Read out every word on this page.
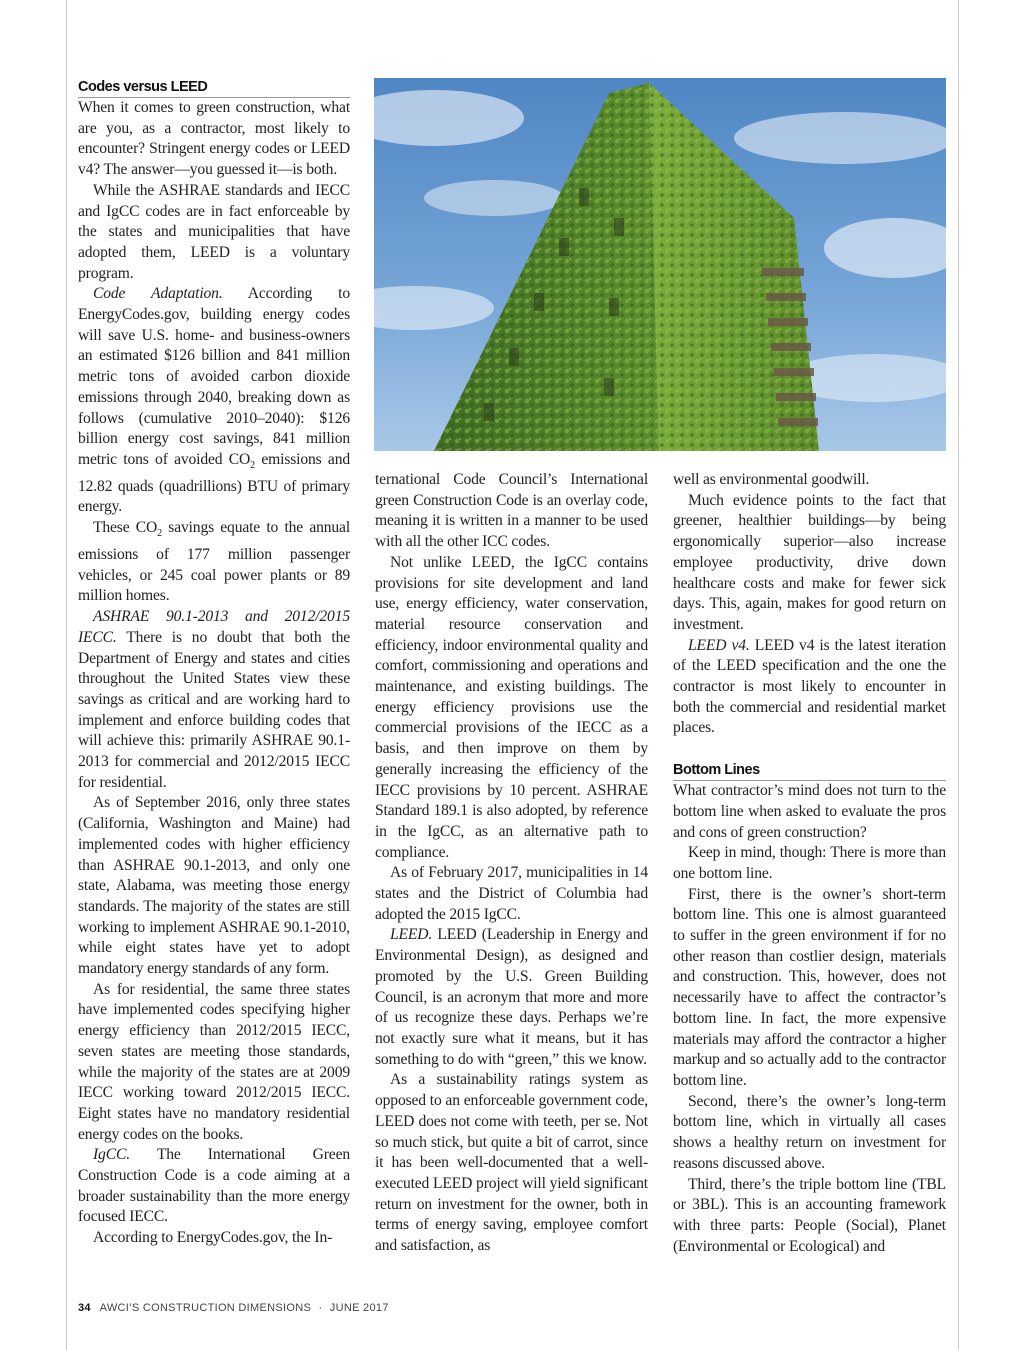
Codes versus LEED

When it comes to green construction, what are you, as a contractor, most likely to encounter? Stringent energy codes or LEED v4? The answer—you guessed it—is both.

While the ASHRAE standards and IECC and IgCC codes are in fact enforceable by the states and municipalities that have adopted them, LEED is a voluntary program.

Code Adaptation. According to EnergyCodes.gov, building energy codes will save U.S. home- and business-owners an estimated $126 billion and 841 million metric tons of avoided carbon dioxide emissions through 2040, breaking down as follows (cumulative 2010–2040): $126 billion energy cost savings, 841 million metric tons of avoided $CO_2$ emissions and 12.82 quads (quadrillions) BTU of primary energy.

These $CO_2$ savings equate to the annual emissions of 177 million passenger vehicles, or 245 coal power plants or 89 million homes.

ASHRAE 90.1-2013 and 2012/2015 IECC. There is no doubt that both the Department of Energy and states and cities throughout the United States view these savings as critical and are working hard to implement and enforce building codes that will achieve this: primarily ASHRAE 90.1-2013 for commercial and 2012/2015 IECC for residential.

As of September 2016, only three states (California, Washington and Maine) had implemented codes with higher efficiency than ASHRAE 90.1-2013, and only one state, Alabama, was meeting those energy standards. The majority of the states are still working to implement ASHRAE 90.1-2010, while eight states have yet to adopt mandatory energy standards of any form.

As for residential, the same three states have implemented codes specifying higher energy efficiency than 2012/2015 IECC, seven states are meeting those standards, while the majority of the states are at 2009 IECC working toward 2012/2015 IECC. Eight states have no mandatory residential energy codes on the books.

IgCC. The International Green Construction Code is a code aiming at a broader sustainability than the more energy focused IECC.

According to EnergyCodes.gov, the In-

ternational Code Council’s International green Construction Code is an overlay code, meaning it is written in a manner to be used with all the other ICC codes.

Not unlike LEED, the IgCC contains provisions for site development and land use, energy efficiency, water conservation, material resource conservation and efficiency, indoor environmental quality and comfort, commissioning and operations and maintenance, and existing buildings. The energy efficiency provisions use the commercial provisions of the IECC as a basis, and then improve on them by generally increasing the efficiency of the IECC provisions by 10 percent. ASHRAE Standard 189.1 is also adopted, by reference in the IgCC, as an alternative path to compliance.

As of February 2017, municipalities in 14 states and the District of Columbia had adopted the 2015 IgCC.

LEED. LEED (Leadership in Energy and Environmental Design), as designed and promoted by the U.S. Green Building Council, is an acronym that more and more of us recognize these days. Perhaps we’re not exactly sure what it means, but it has something to do with “green,” this we know.

As a sustainability ratings system as opposed to an enforceable government code, LEED does not come with teeth, per se. Not so much stick, but quite a bit of carrot, since it has been well-documented that a well-executed LEED project will yield significant return on investment for the owner, both in terms of energy saving, employee comfort and satisfaction, as

well as environmental goodwill.

Much evidence points to the fact that greener, healthier buildings—by being ergonomically superior—also increase employee productivity, drive down healthcare costs and make for fewer sick days. This, again, makes for good return on investment.

LEED v4. LEED v4 is the latest iteration of the LEED specification and the one the contractor is most likely to encounter in both the commercial and residential market places.

Bottom Lines

What contractor’s mind does not turn to the bottom line when asked to evaluate the pros and cons of green construction?

Keep in mind, though: There is more than one bottom line.

First, there is the owner’s short-term bottom line. This one is almost guaranteed to suffer in the green environment if for no other reason than costlier design, materials and construction. This, however, does not necessarily have to affect the contractor’s bottom line. In fact, the more expensive materials may afford the contractor a higher markup and so actually add to the contractor bottom line.

Second, there’s the owner’s long-term bottom line, which in virtually all cases shows a healthy return on investment for reasons discussed above.

Third, there’s the triple bottom line (TBL or 3BL). This is an accounting framework with three parts: People (Social), Planet (Environmental or Ecological) and

34 AWCI’S CONSTRUCTION DIMENSIONS · JUNE 2017
